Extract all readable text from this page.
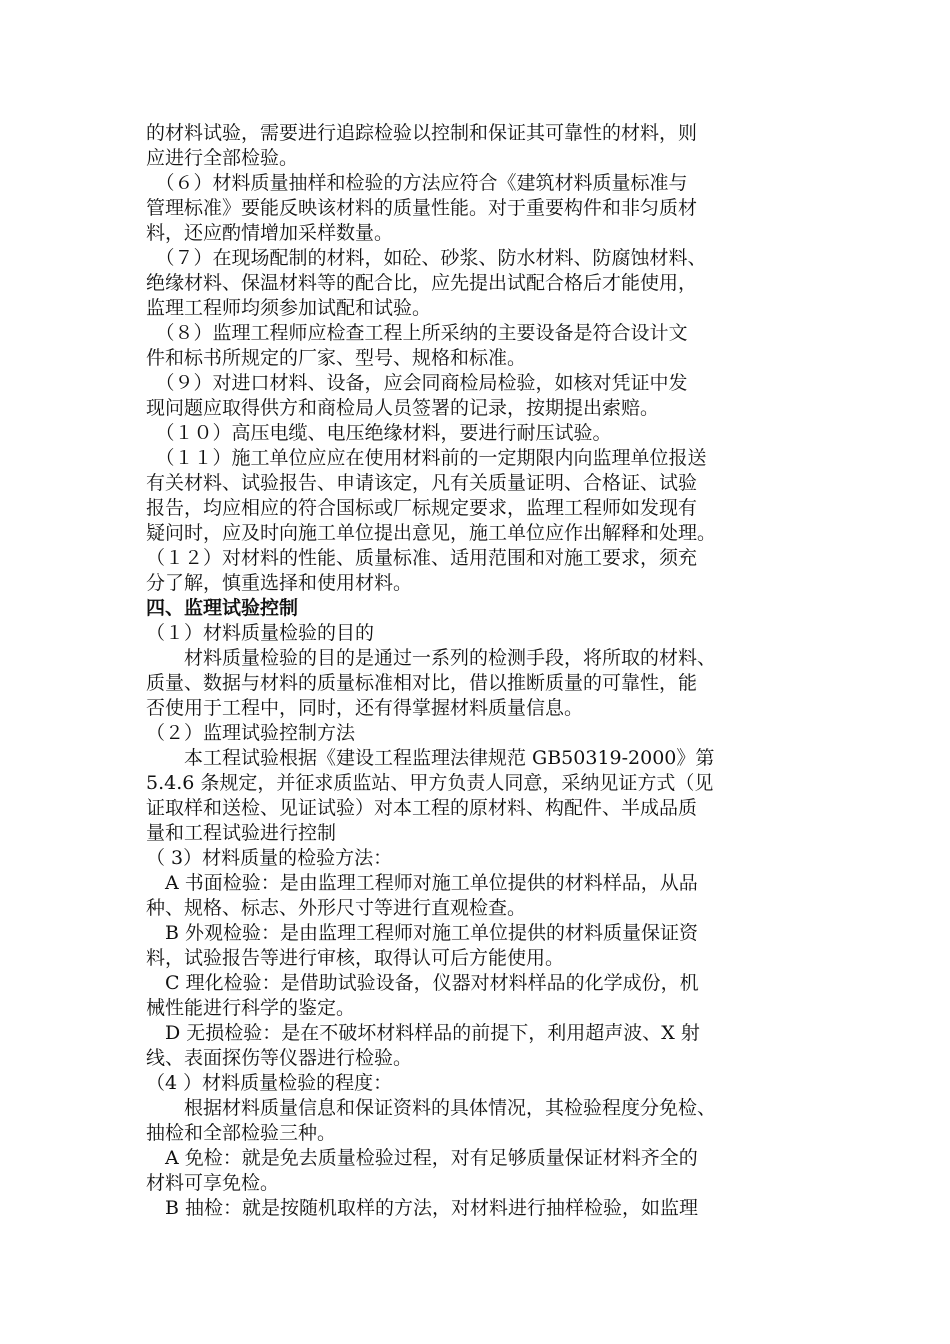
的材料试验，需要进行追踪检验以控制和保证其可靠性的材料，则
应进行全部检验。
　（６）材料质量抽样和检验的方法应符合《建筑材料质量标准与
管理标准》要能反映该材料的质量性能。对于重要构件和非匀质材
料，还应酌情增加采样数量。
　（７）在现场配制的材料，如砼、砂浆、防水材料、防腐蚀材料、
绝缘材料、保温材料等的配合比，应先提出试配合格后才能使用，
监理工程师均须参加试配和试验。
　（８）监理工程师应检查工程上所采纳的主要设备是符合设计文
件和标书所规定的厂家、型号、规格和标准。
　（９）对进口材料、设备，应会同商检局检验，如核对凭证中发
现问题应取得供方和商检局人员签署的记录，按期提出索赔。
　（１０）高压电缆、电压绝缘材料，要进行耐压试验。
　（１１）施工单位应应在使用材料前的一定期限内向监理单位报送
有关材料、试验报告、申请该定，凡有关质量证明、合格证、试验
报告，均应相应的符合国标或厂标规定要求，监理工程师如发现有
疑问时，应及时向施工单位提出意见，施工单位应作出解释和处理。
（１２）对材料的性能、质量标准、适用范围和对施工要求，须充
分了解，慎重选择和使用材料。
四、监理试验控制
（１）材料质量检验的目的
　　材料质量检验的目的是通过一系列的检测手段，将所取的材料、
质量、数据与材料的质量标准相对比，借以推断质量的可靠性，能
否使用于工程中，同时，还有得掌握材料质量信息。
（２）监理试验控制方法
　　本工程试验根据《建设工程监理法律规范 GB50319-2000》第
5.4.6 条规定，并征求质监站、甲方负责人同意，采纳见证方式（见
证取样和送检、见证试验）对本工程的原材料、构配件、半成品质
量和工程试验进行控制
（ 3）材料质量的检验方法：
　A 书面检验：是由监理工程师对施工单位提供的材料样品，从品
种、规格、标志、外形尺寸等进行直观检查。
　B 外观检验：是由监理工程师对施工单位提供的材料质量保证资
料，试验报告等进行审核，取得认可后方能使用。
　C 理化检验：是借助试验设备，仪器对材料样品的化学成份，机
械性能进行科学的鉴定。
　D 无损检验：是在不破坏材料样品的前提下，利用超声波、X 射
线、表面探伤等仪器进行检验。
（4 ）材料质量检验的程度：
　　根据材料质量信息和保证资料的具体情况，其检验程度分免检、
抽检和全部检验三种。
　A 免检：就是免去质量检验过程，对有足够质量保证材料齐全的
材料可享免检。
　B 抽检：就是按随机取样的方法，对材料进行抽样检验，如监理
